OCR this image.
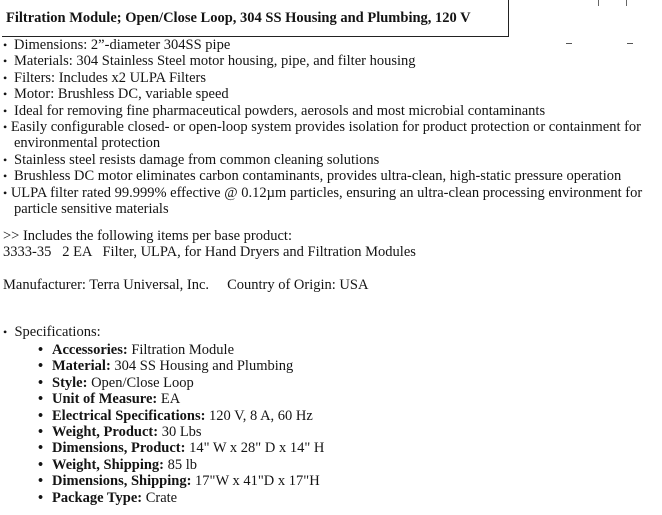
Filtration Module; Open/Close Loop, 304 SS Housing and Plumbing, 120 V
• Dimensions: 2”-diameter 304SS pipe
• Materials: 304 Stainless Steel motor housing, pipe, and filter housing
• Filters: Includes x2 ULPA Filters
• Motor: Brushless DC, variable speed
• Ideal for removing fine pharmaceutical powders, aerosols and most microbial contaminants
• Easily configurable closed- or open-loop system provides isolation for product protection or containment for environmental protection
• Stainless steel resists damage from common cleaning solutions
• Brushless DC motor eliminates carbon contaminants, provides ultra-clean, high-static pressure operation
• ULPA filter rated 99.999% effective @ 0.12µm particles, ensuring an ultra-clean processing environment for particle sensitive materials
>> Includes the following items per base product:
3333-35   2 EA   Filter, ULPA, for Hand Dryers and Filtration Modules
Manufacturer: Terra Universal, Inc. Country of Origin: USA
• Specifications:
• Accessories: Filtration Module
• Material: 304 SS Housing and Plumbing
• Style: Open/Close Loop
• Unit of Measure: EA
• Electrical Specifications: 120 V, 8 A, 60 Hz
• Weight, Product: 30 Lbs
• Dimensions, Product: 14" W x 28" D x 14" H
• Weight, Shipping: 85 lb
• Dimensions, Shipping: 17"W x 41"D x 17"H
• Package Type: Crate
